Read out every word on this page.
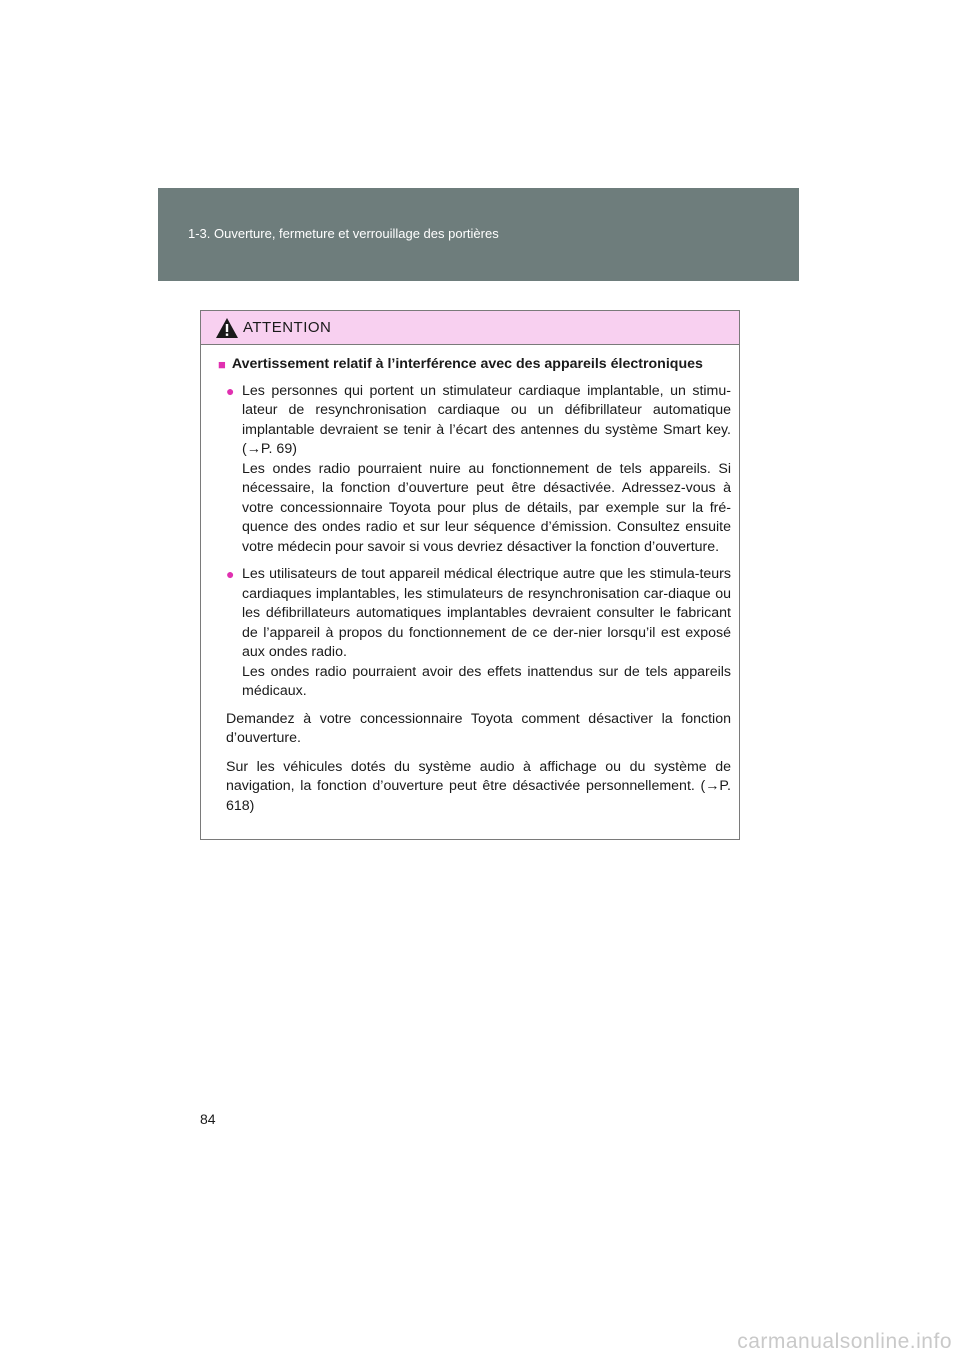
1-3. Ouverture, fermeture et verrouillage des portières
ATTENTION
■ Avertissement relatif à l’interférence avec des appareils électroniques
● Les personnes qui portent un stimulateur cardiaque implantable, un stimu-lateur de resynchronisation cardiaque ou un défibrillateur automatique implantable devraient se tenir à l’écart des antennes du système Smart key. (→P. 69)
Les ondes radio pourraient nuire au fonctionnement de tels appareils. Si nécessaire, la fonction d’ouverture peut être désactivée. Adressez-vous à votre concessionnaire Toyota pour plus de détails, par exemple sur la fré-quence des ondes radio et sur leur séquence d’émission. Consultez ensuite votre médecin pour savoir si vous devriez désactiver la fonction d’ouverture.
● Les utilisateurs de tout appareil médical électrique autre que les stimula-teurs cardiaques implantables, les stimulateurs de resynchronisation car-diaque ou les défibrillateurs automatiques implantables devraient consulter le fabricant de l’appareil à propos du fonctionnement de ce der-nier lorsqu’il est exposé aux ondes radio.
Les ondes radio pourraient avoir des effets inattendus sur de tels appareils médicaux.
Demandez à votre concessionnaire Toyota comment désactiver la fonction d’ouverture.
Sur les véhicules dotés du système audio à affichage ou du système de navigation, la fonction d’ouverture peut être désactivée personnellement. (→P. 618)
84
carmanualsonline.info
